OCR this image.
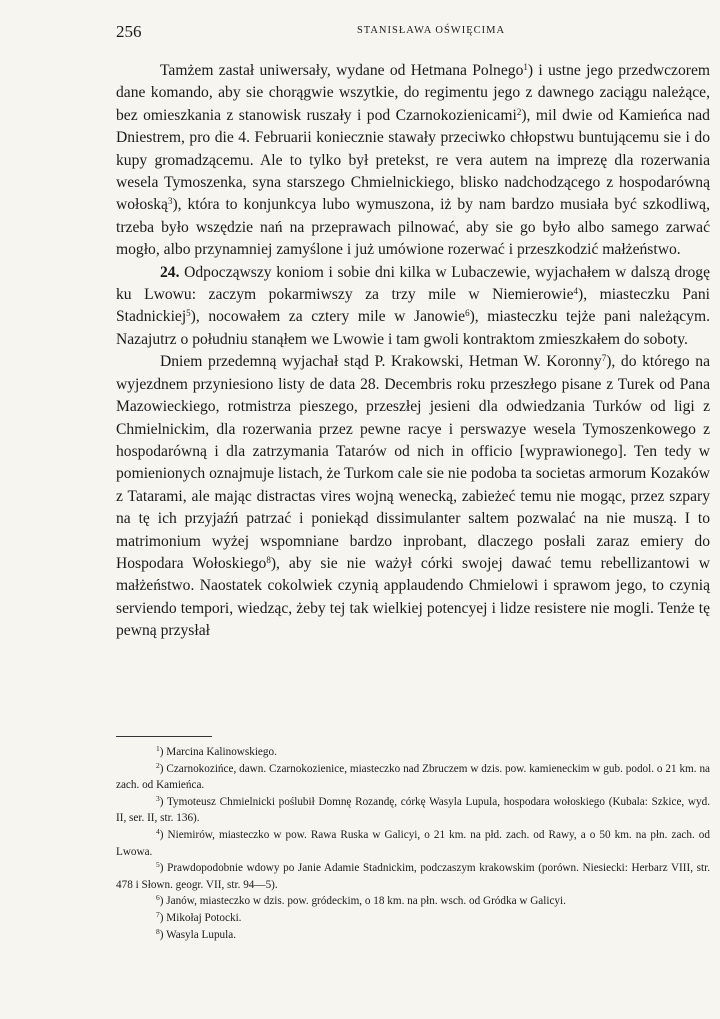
256	STANISŁAWA OŚWIĘCIMA

Tamżem zastał uniwersały, wydane od Hetmana Polnego$^1$) i ustne jego przedwczorem dane komando, aby sie chorągwie wszytkie, do regimentu jego z dawnego zaciągu należące, bez omieszkania z stanowisk ruszały i pod Czarnokozienicami$^2$), mil dwie od Kamieńca nad Dniestrem, pro die 4. Februarii koniecznie stawały przeciwko chłopstwu buntującemu sie i do kupy gromadzącemu. Ale to tylko był pretekst, re vera autem na imprezę dla rozerwania wesela Tymoszenka, syna starszego Chmielnickiego, blisko nadchodzącego z hospodarówną wołoską$^3$), która to konjunkcya lubo wymuszona, iż by nam bardzo musiała być szkodliwą, trzeba było wszędzie nań na przeprawach pilnować, aby sie go było albo samego zarwać mogło, albo przynamniej zamyślone i już umówione rozerwać i przeszkodzić małżeństwo.

24. Odpocząwszy koniom i sobie dni kilka w Lubaczewie, wyjachałem w dalszą drogę ku Lwowu: zaczym pokarmiwszy za trzy mile w Niemierowie$^4$), miasteczku Pani Stadnickiej$^5$), nocowałem za cztery mile w Janowie$^6$), miasteczku tejże pani należącym. Nazajutrz o południu stanąłem we Lwowie i tam gwoli kontraktom zmieszkałem do soboty.

Dniem przedemną wyjachał stąd P. Krakowski, Hetman W. Koronny$^7$), do którego na wyjezdnem przyniesiono listy de data 28. Decembris roku przeszłego pisane z Turek od Pana Mazowieckiego, rotmistrza pieszego, przeszłej jesieni dla odwiedzania Turków od ligi z Chmielnickim, dla rozerwania przez pewne racye i perswazye wesela Tymoszenkowego z hospodarówną i dla zatrzymania Tatarów od nich in officio [wyprawionego]. Ten tedy w pomienionych oznajmuje listach, że Turkom cale sie nie podoba ta societas armorum Kozaków z Tatarami, ale mając distractas vires wojną wenecką, zabieżeć temu nie mogąc, przez szpary na tę ich przyjaźń patrzać i poniekąd dissimulanter saltem pozwalać na nie muszą. I to matrimonium wyżej wspomniane bardzo inprobant, dlaczego posłali zaraz emiery do Hospodara Wołoskiego$^8$), aby sie nie ważył córki swojej dawać temu rebellizantowi w małżeństwo. Naostatek cokolwiek czynią applaudendo Chmielowi i sprawom jego, to czynią serviendo tempori, wiedząc, żeby tej tak wielkiej potencyej i lidze resistere nie mogli. Tenże tę pewną przysłał

$^1$) Marcina Kalinowskiego.

$^2$) Czarnokozińce, dawn. Czarnokozienice, miasteczko nad Zbruczem w dzis. pow. kamieneckim w gub. podol. o 21 km. na zach. od Kamieńca.

$^3$) Tymoteusz Chmielnicki poślubił Domnę Rozandę, córkę Wasyla Lupula, hospodara wołoskiego (Kubala: Szkice, wyd. II, ser. II, str. 136).

$^4$) Niemirów, miasteczko w pow. Rawa Ruska w Galicyi, o 21 km. na płd. zach. od Rawy, a o 50 km. na płn. zach. od Lwowa.

$^5$) Prawdopodobnie wdowy po Janie Adamie Stadnickim, podczaszym krakowskim (porówn. Niesiecki: Herbarz VIII, str. 478 i Słown. geogr. VII, str. 94—5).

$^6$) Janów, miasteczko w dzis. pow. gródeckim, o 18 km. na płn. wsch. od Gródka w Galicyi.

$^7$) Mikołaj Potocki.

$^8$) Wasyla Lupula.
